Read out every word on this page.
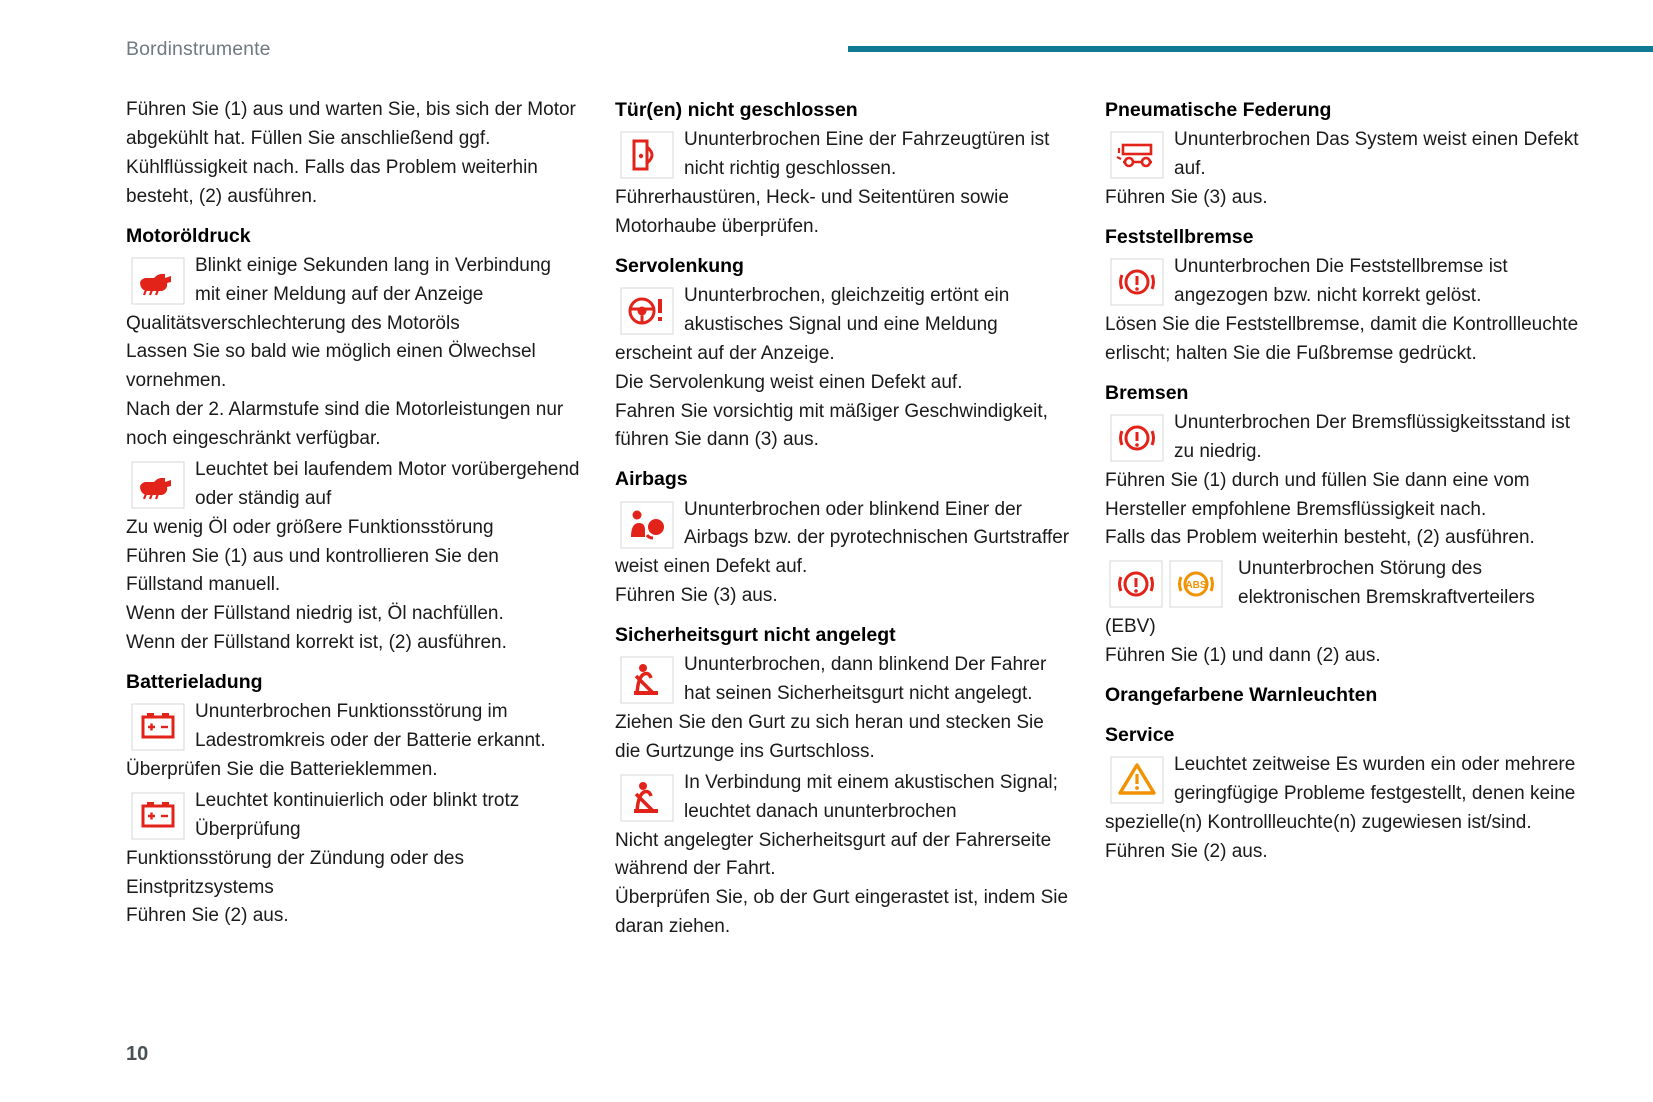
Bordinstrumente

Führen Sie (1) aus und warten Sie, bis sich der Motor abgekühlt hat. Füllen Sie anschließend ggf. Kühlflüssigkeit nach. Falls das Problem weiterhin besteht, (2) ausführen.

Motoröldruck

Blinkt einige Sekunden lang in Verbindung mit einer Meldung auf der Anzeige

Qualitätsverschlechterung des Motoröls

Lassen Sie so bald wie möglich einen Ölwechsel vornehmen.

Nach der 2. Alarmstufe sind die Motorleistungen nur noch eingeschränkt verfügbar.

Leuchtet bei laufendem Motor vorübergehend oder ständig auf

Zu wenig Öl oder größere Funktionsstörung

Führen Sie (1) aus und kontrollieren Sie den Füllstand manuell.

Wenn der Füllstand niedrig ist, Öl nachfüllen.

Wenn der Füllstand korrekt ist, (2) ausführen.

Batterieladung

Ununterbrochen Funktionsstörung im Ladestromkreis oder der Batterie erkannt.

Überprüfen Sie die Batterieklemmen.

Leuchtet kontinuierlich oder blinkt trotz Überprüfung

Funktionsstörung der Zündung oder des Einstpritzsystems

Führen Sie (2) aus.

Tür(en) nicht geschlossen

Ununterbrochen Eine der Fahrzeugtüren ist nicht richtig geschlossen.

Führerhaustüren, Heck- und Seitentüren sowie Motorhaube überprüfen.

Servolenkung

Ununterbrochen, gleichzeitig ertönt ein akustisches Signal und eine Meldung erscheint auf der Anzeige.

Die Servolenkung weist einen Defekt auf.

Fahren Sie vorsichtig mit mäßiger Geschwindigkeit, führen Sie dann (3) aus.

Airbags

Ununterbrochen oder blinkend Einer der Airbags bzw. der pyrotechnischen Gurtstraffer weist einen Defekt auf.

Führen Sie (3) aus.

Sicherheitsgurt nicht angelegt

Ununterbrochen, dann blinkend Der Fahrer hat seinen Sicherheitsgurt nicht angelegt.

Ziehen Sie den Gurt zu sich heran und stecken Sie die Gurtzunge ins Gurtschloss.

In Verbindung mit einem akustischen Signal; leuchtet danach ununterbrochen

Nicht angelegter Sicherheitsgurt auf der Fahrerseite während der Fahrt.

Überprüfen Sie, ob der Gurt eingerastet ist, indem Sie daran ziehen.

Pneumatische Federung

Ununterbrochen Das System weist einen Defekt auf.

Führen Sie (3) aus.

Feststellbremse

Ununterbrochen Die Feststellbremse ist angezogen bzw. nicht korrekt gelöst.

Lösen Sie die Feststellbremse, damit die Kontrollleuchte erlischt; halten Sie die Fußbremse gedrückt.

Bremsen

Ununterbrochen Der Bremsflüssigkeitsstand ist zu niedrig.

Führen Sie (1) durch und füllen Sie dann eine vom Hersteller empfohlene Bremsflüssigkeit nach.

Falls das Problem weiterhin besteht, (2) ausführen.

ABS

Ununterbrochen Störung des elektronischen Bremskraftverteilers (EBV)

Führen Sie (1) und dann (2) aus.

Orangefarbene Warnleuchten
Service

Leuchtet zeitweise Es wurden ein oder mehrere geringfügige Probleme festgestellt, denen keine spezielle(n) Kontrollleuchte(n) zugewiesen ist/sind.

Führen Sie (2) aus.

10
